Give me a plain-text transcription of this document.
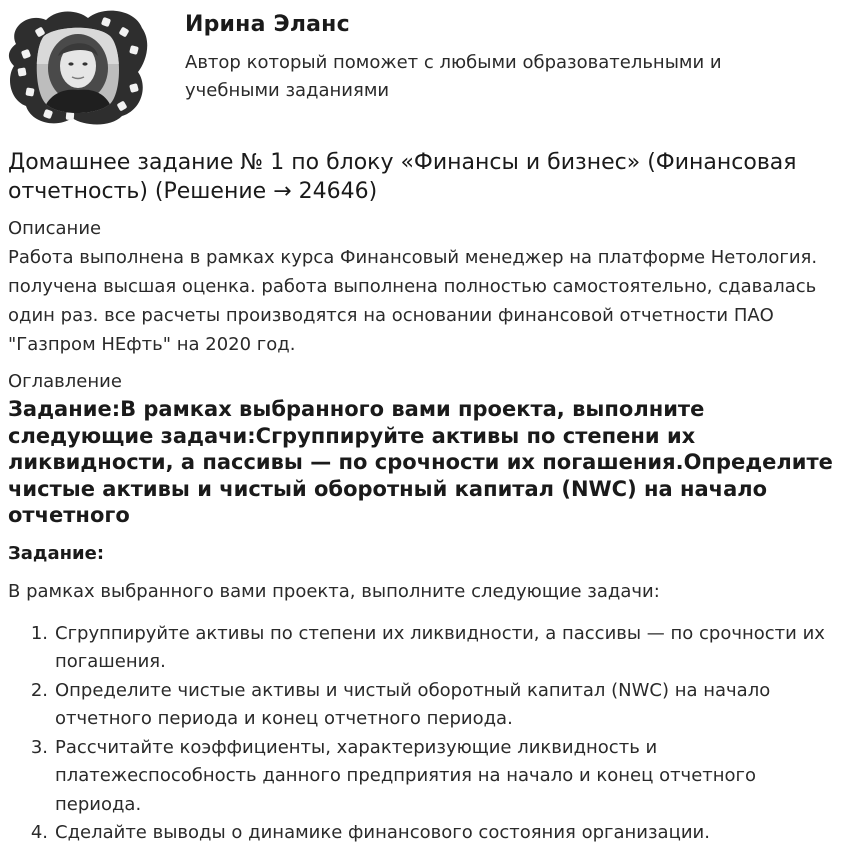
Ирина Эланс
Автор который поможет с любыми образовательными и учебными заданиями
Домашнее задание № 1 по блоку «Финансы и бизнес» (Финансовая отчетность) (Решение → 24646)
Описание

Работа выполнена в рамках курса Финансовый менеджер на платформе Нетология. получена высшая оценка. работа выполнена полностью самостоятельно, сдавалась один раз. все расчеты производятся на основании финансовой отчетности ПАО "Газпром НЕфть" на 2020 год.

Оглавление
Задание:В рамках выбранного вами проекта, выполните следующие задачи:Сгруппируйте активы по степени их ликвидности, а пассивы — по срочности их погашения.Определите чистые активы и чистый оборотный капитал (NWC) на начало отчетного
Задание:
В рамках выбранного вами проекта, выполните следующие задачи:
1. Сгруппируйте активы по степени их ликвидности, а пассивы — по срочности их погашения.
2. Определите чистые активы и чистый оборотный капитал (NWC) на начало отчетного периода и конец отчетного периода.
3. Рассчитайте коэффициенты, характеризующие ликвидность и платежеспособность данного предприятия на начало и конец отчетного периода.
4. Сделайте выводы о динамике финансового состояния организации.
